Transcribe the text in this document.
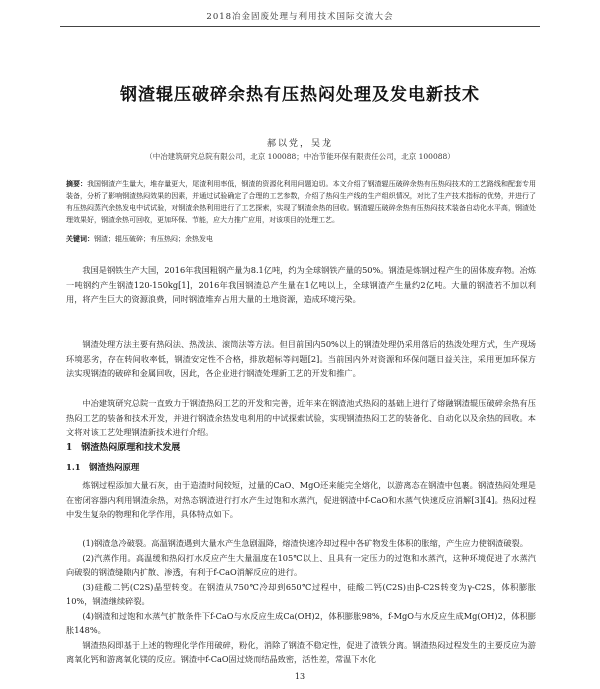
2018冶金固废处理与利用技术国际交流大会
钢渣辊压破碎余热有压热闷处理及发电新技术
郝以党，吴龙
（中冶建筑研究总院有限公司，北京 100088；中冶节能环保有限责任公司，北京 100088）
摘要：我国钢渣产生量大，堆存量更大，尾渣利用率低，钢渣的资源化利用问题迫切。本文介绍了钢渣辊压破碎余热有压热闷技术的工艺路线和配套专用装备，分析了影响钢渣热闷效果的因素，并通过试验确定了合理的工艺参数，介绍了热闷生产线的生产组织情况，对比了生产技术指标的优势，并进行了有压热闷蒸汽余热发电中试试验，对钢渣余热利用进行了工艺探索，实现了钢渣余热的回收。钢渣辊压破碎余热有压热闷技术装备自动化水平高，钢渣处理效果好，钢渣余热可回收，更加环保、节能，应大力推广应用，对该项目的处理工艺。
关键词：钢渣；辊压破碎；有压热闷；余热发电

我国是钢铁生产大国，2016年我国粗钢产量为8.1亿吨，约为全球钢铁产量的50%。钢渣是炼钢过程产生的固体废弃物。冶炼一吨钢约产生钢渣120-150kg[1]，2016年我国钢渣总产生量在1亿吨以上，全球钢渣产生量约2亿吨。大量的钢渣若不加以利用，将产生巨大的资源浪费，同时钢渣堆弃占用大量的土地资源，造成环境污染。

钢渣处理方法主要有热闷法、热泼法、滚筒法等方法。但目前国内50%以上的钢渣处理仍采用落后的热泼处理方式，生产现场环境恶劣，存在转间收率低，钢渣安定性不合格，排放超标等问题[2]。当前国内外对资源和环保问题日益关注，采用更加环保方法实现钢渣的破碎和金属回收，因此，各企业进行钢渣处理新工艺的开发和推广。

中冶建筑研究总院一直致力于钢渣热闷工艺的开发和完善，近年来在钢渣池式热闷的基础上进行了熔融钢渣辊压破碎余热有压热闷工艺的装备和技术开发，并进行钢渣余热发电利用的中试探索试验，实现钢渣热闷工艺的装备化、自动化以及余热的回收。本文将对该工艺处理钢渣新技术进行介绍。

1　钢渣热闷原理和技术发展
1.1　钢渣热闷原理

炼钢过程添加大量石灰，由于造渣时间较短，过量的CaO、MgO还来能完全熔化，以游离态在钢渣中包裹。钢渣热闷处理是在密闭容器内利用钢渣余热，对热态钢渣进行打水产生过饱和水蒸汽，促进钢渣中f-CaO和水蒸气快速反应消解[3][4]。热闷过程中发生复杂的物理和化学作用，具体特点如下。

(1)钢渣急冷破裂。高温钢渣遇到大量水产生急剧温降，熔渣快速冷却过程中各矿物发生体积的胀缩，产生应力使钢渣破裂。

(2)汽蒸作用。高温缓和热闷打水反应产生大量温度在105℃以上、且具有一定压力的过饱和水蒸汽，这种环境促进了水蒸汽向破裂的钢渣缝隙内扩散、渗透，有利于f-CaO消解反应的进行。

(3)硅酸二钙(C2S)晶型转变。在钢渣从750℃冷却到650℃过程中，硅酸二钙(C2S)由β-C2S转变为γ-C2S，体积膨胀10%，钢渣继续碎裂。

(4)钢渣和过饱和水蒸气扩散条件下f-CaO与水反应生成Ca(OH)2，体积膨胀98%，f-MgO与水反应生成Mg(OH)2，体积膨胀148%。

钢渣热闷即基于上述的物理化学作用破碎，粉化，消除了钢渣不稳定性，促进了渣铁分离。钢渣热闷过程发生的主要反应为游离氧化钙和游离氧化镁的反应。钢渣中f-CaO固过烧而结晶致密，活性差，常温下水化

13
